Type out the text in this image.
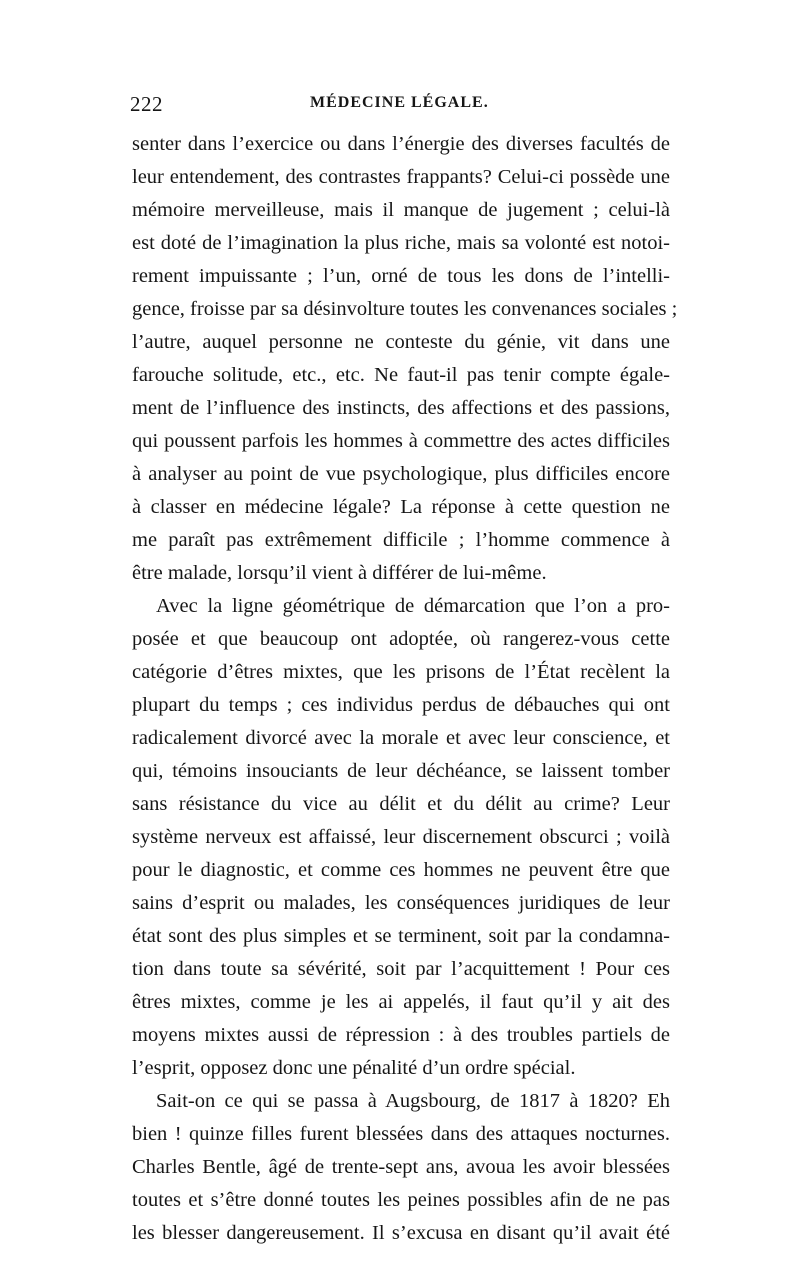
222	MÉDECINE LÉGALE.
senter dans l’exercice ou dans l’énergie des diverses facultés de
leur entendement, des contrastes frappants? Celui-ci possède une
mémoire merveilleuse, mais il manque de jugement ; celui-là
est doté de l’imagination la plus riche, mais sa volonté est notoi-
rement impuissante ; l’un, orné de tous les dons de l’intelli-
gence, froisse par sa désinvolture toutes les convenances sociales ;
l’autre, auquel personne ne conteste du génie, vit dans une
farouche solitude, etc., etc. Ne faut-il pas tenir compte égale-
ment de l’influence des instincts, des affections et des passions,
qui poussent parfois les hommes à commettre des actes difficiles
à analyser au point de vue psychologique, plus difficiles encore
à classer en médecine légale? La réponse à cette question ne
me paraît pas extrêmement difficile ; l’homme commence à
être malade, lorsqu’il vient à différer de lui-même.
Avec la ligne géométrique de démarcation que l’on a pro-
posée et que beaucoup ont adoptée, où rangerez-vous cette
catégorie d’êtres mixtes, que les prisons de l’État recèlent la
plupart du temps ; ces individus perdus de débauches qui ont
radicalement divorcé avec la morale et avec leur conscience, et
qui, témoins insouciants de leur déchéance, se laissent tomber
sans résistance du vice au délit et du délit au crime? Leur
système nerveux est affaissé, leur discernement obscurci ; voilà
pour le diagnostic, et comme ces hommes ne peuvent être que
sains d’esprit ou malades, les conséquences juridiques de leur
état sont des plus simples et se terminent, soit par la condamna-
tion dans toute sa sévérité, soit par l’acquittement ! Pour ces
êtres mixtes, comme je les ai appelés, il faut qu’il y ait des
moyens mixtes aussi de répression : à des troubles partiels de
l’esprit, opposez donc une pénalité d’un ordre spécial.
Sait-on ce qui se passa à Augsbourg, de 1817 à 1820? Eh
bien ! quinze filles furent blessées dans des attaques nocturnes.
Charles Bentle, âgé de trente-sept ans, avoua les avoir blessées
toutes et s’être donné toutes les peines possibles afin de ne pas
les blesser dangereusement. Il s’excusa en disant qu’il avait été
